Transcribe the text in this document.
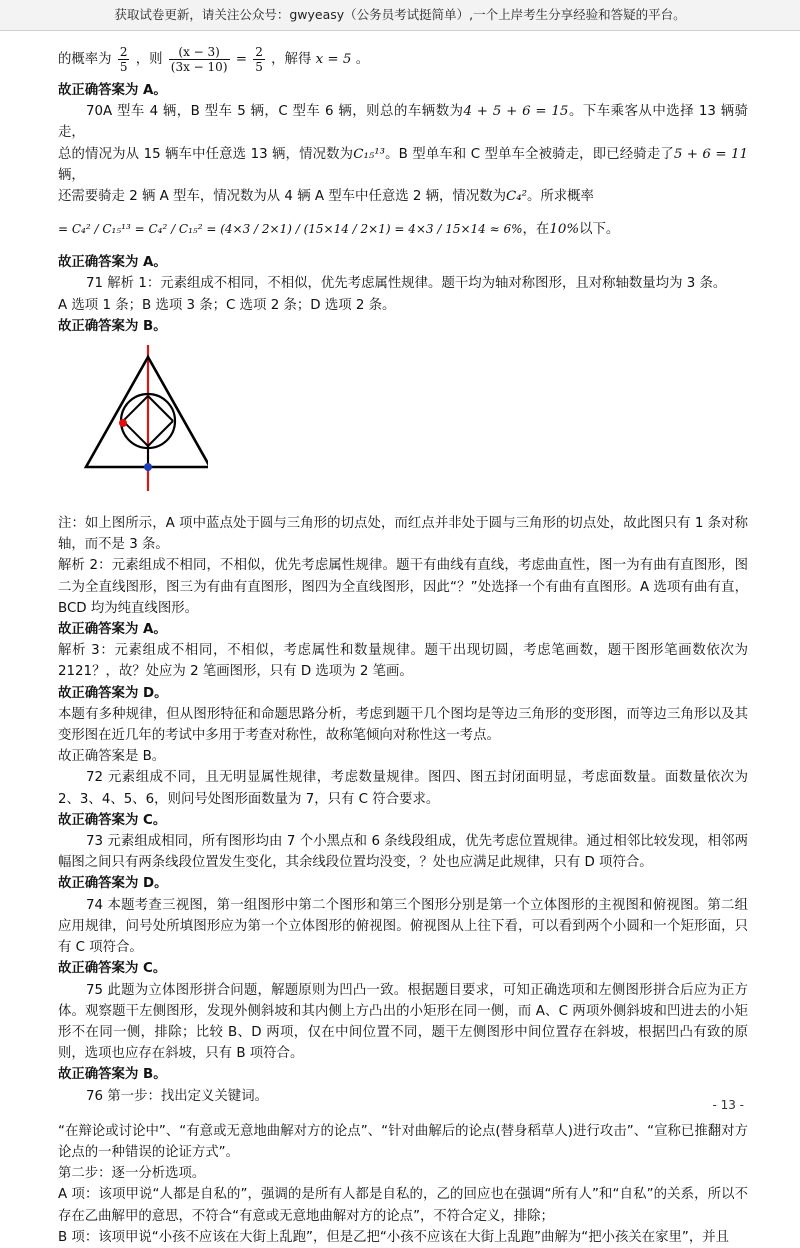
获取试卷更新，请关注公众号：gwyeasy（公务员考试挺简单）,一个上岸考生分享经验和答疑的平台。

的概率为 $\frac{2}{5}$ ，则 $\frac{(x - 3)}{(3x - 10)} = \frac{2}{5}$ ，解得 x = 5 。

故正确答案为 A。

70A 型车 4 辆，B 型车 5 辆，C 型车 6 辆，则总的车辆数为4 + 5 + 6 = 15。下车乘客从中选择 13 辆骑走，

总的情况为从 15 辆车中任意选 13 辆，情况数为C₁₅¹³。B 型单车和 C 型单车全被骑走，即已经骑走了5 + 6 = 11辆，

还需要骑走 2 辆 A 型车，情况数为从 4 辆 A 型车中任意选 2 辆，情况数为C₄²。所求概率

= C₄² / C₁₅¹³ = C₄² / C₁₅² = (4×3 / 2×1) / (15×14 / 2×1) = 4×3 / 15×14 ≈ 6%，在10%以下。

故正确答案为 A。

71 解析 1：元素组成不相同，不相似，优先考虑属性规律。题干均为轴对称图形，且对称轴数量均为 3 条。

A 选项 1 条；B 选项 3 条；C 选项 2 条；D 选项 2 条。

故正确答案为 B。

注：如上图所示，A 项中蓝点处于圆与三角形的切点处，而红点并非处于圆与三角形的切点处，故此图只有 1 条对称轴，而不是 3 条。

解析 2：元素组成不相同，不相似，优先考虑属性规律。题干有曲线有直线，考虑曲直性，图一为有曲有直图形，图二为全直线图形，图三为有曲有直图形，图四为全直线图形，因此“？”处选择一个有曲有直图形。A 选项有曲有直，BCD 均为纯直线图形。

故正确答案为 A。

解析 3：元素组成不相同，不相似，考虑属性和数量规律。题干出现切圆，考虑笔画数，题干图形笔画数依次为 2121？，故？处应为 2 笔画图形，只有 D 选项为 2 笔画。

故正确答案为 D。

本题有多种规律，但从图形特征和命题思路分析，考虑到题干几个图均是等边三角形的变形图，而等边三角形以及其变形图在近几年的考试中多用于考查对称性，故称笔倾向对称性这一考点。

故正确答案是 B。

72 元素组成不同，且无明显属性规律，考虑数量规律。图四、图五封闭面明显，考虑面数量。面数量依次为 2、3、4、5、6，则问号处图形面数量为 7，只有 C 符合要求。

故正确答案为 C。

73 元素组成相同，所有图形均由 7 个小黑点和 6 条线段组成，优先考虑位置规律。通过相邻比较发现，相邻两幅图之间只有两条线段位置发生变化，其余线段位置均没变，？处也应满足此规律，只有 D 项符合。

故正确答案为 D。

74 本题考查三视图，第一组图形中第二个图形和第三个图形分别是第一个立体图形的主视图和俯视图。第二组应用规律，问号处所填图形应为第一个立体图形的俯视图。俯视图从上往下看，可以看到两个小圆和一个矩形面，只有 C 项符合。

故正确答案为 C。

75 此题为立体图形拼合问题，解题原则为凹凸一致。根据题目要求，可知正确选项和左侧图形拼合后应为正方体。观察题干左侧图形，发现外侧斜坡和其内侧上方凸出的小矩形在同一侧，而 A、C 两项外侧斜坡和凹进去的小矩形不在同一侧，排除；比较 B、D 两项，仅在中间位置不同，题干左侧图形中间位置存在斜坡，根据凹凸有致的原则，选项也应存在斜坡，只有 B 项符合。

故正确答案为 B。

76 第一步：找出定义关键词。

“在辩论或讨论中”、“有意或无意地曲解对方的论点”、“针对曲解后的论点(替身稻草人)进行攻击”、“宣称已推翻对方论点的一种错误的论证方式”。

第二步：逐一分析选项。

A 项：该项甲说“人都是自私的”，强调的是所有人都是自私的，乙的回应也在强调“所有人”和“自私”的关系，所以不存在乙曲解甲的意思，不符合“有意或无意地曲解对方的论点”，不符合定义，排除；

B 项：该项甲说“小孩不应该在大街上乱跑”，但是乙把“小孩不应该在大街上乱跑”曲解为“把小孩关在家里”，并且

- 13 -
